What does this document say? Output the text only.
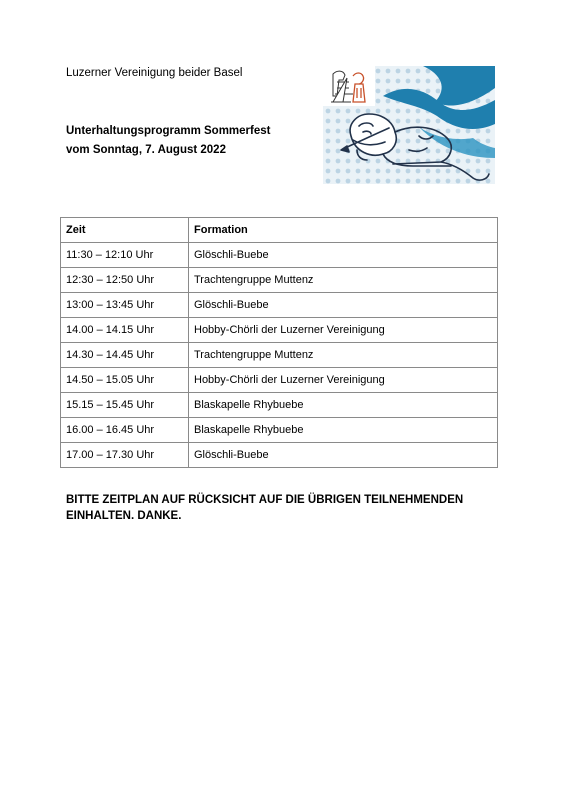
Luzerner Vereinigung beider Basel
Unterhaltungsprogramm Sommerfest
vom Sonntag, 7. August 2022
Zeit	Formation
11:30 – 12:10 Uhr	Glöschli-Buebe
12:30 – 12:50 Uhr	Trachtengruppe Muttenz
13:00 – 13:45 Uhr	Glöschli-Buebe
14.00 – 14.15 Uhr	Hobby-Chörli der Luzerner Vereinigung
14.30 – 14.45 Uhr	Trachtengruppe Muttenz
14.50 – 15.05 Uhr	Hobby-Chörli der Luzerner Vereinigung
15.15 – 15.45 Uhr	Blaskapelle Rhybuebe
16.00 – 16.45 Uhr	Blaskapelle Rhybuebe
17.00 – 17.30 Uhr	Glöschli-Buebe
BITTE ZEITPLAN AUF RÜCKSICHT AUF DIE ÜBRIGEN TEILNEHMENDEN
EINHALTEN. DANKE.
